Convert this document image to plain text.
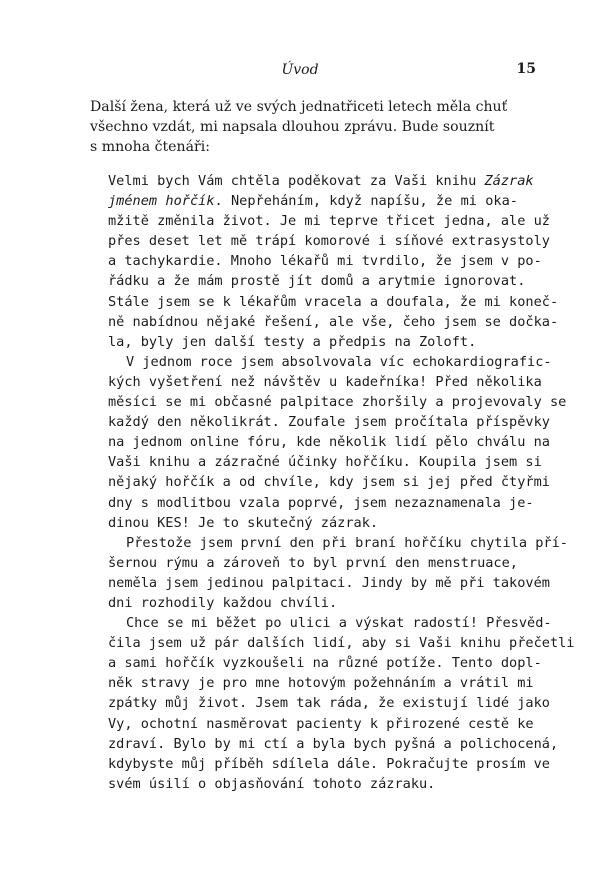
Úvod	15

Další žena, která už ve svých jednatřiceti letech měla chuť
všechno vzdát, mi napsala dlouhou zprávu. Bude souznít
s mnoha čtenáři:

Velmi bych Vám chtěla poděkovat za Vaši knihu Zázrak
jménem hořčík. Nepřeháním, když napíšu, že mi oka-
mžitě změnila život. Je mi teprve třicet jedna, ale už
přes deset let mě trápí komorové i síňové extrasystoly
a tachykardie. Mnoho lékařů mi tvrdilo, že jsem v po-
řádku a že mám prostě jít domů a arytmie ignorovat.
Stále jsem se k lékařům vracela a doufala, že mi koneč-
ně nabídnou nějaké řešení, ale vše, čeho jsem se dočka-
la, byly jen další testy a předpis na Zoloft.

V jednom roce jsem absolvovala víc echokardiografic-
kých vyšetření než návštěv u kadeřníka! Před několika
měsíci se mi občasné palpitace zhoršily a projevovaly se
každý den několikrát. Zoufale jsem pročítala příspěvky
na jednom online fóru, kde několik lidí pělo chválu na
Vaši knihu a zázračné účinky hořčíku. Koupila jsem si
nějaký hořčík a od chvíle, kdy jsem si jej před čtyřmi
dny s modlitbou vzala poprvé, jsem nezaznamenala je-
dinou KES! Je to skutečný zázrak.

Přestože jsem první den při braní hořčíku chytila pří-
šernou rýmu a zároveň to byl první den menstruace,
neměla jsem jedinou palpitaci. Jindy by mě při takovém
dni rozhodily každou chvíli.

Chce se mi běžet po ulici a výskat radostí! Přesvěd-
čila jsem už pár dalších lidí, aby si Vaši knihu přečetli
a sami hořčík vyzkoušeli na různé potíže. Tento dopl-
něk stravy je pro mne hotovým požehnáním a vrátil mi
zpátky můj život. Jsem tak ráda, že existují lidé jako
Vy, ochotní nasměrovat pacienty k přirozené cestě ke
zdraví. Bylo by mi ctí a byla bych pyšná a polichocená,
kdybyste můj příběh sdílela dále. Pokračujte prosím ve
svém úsilí o objasňování tohoto zázraku.
